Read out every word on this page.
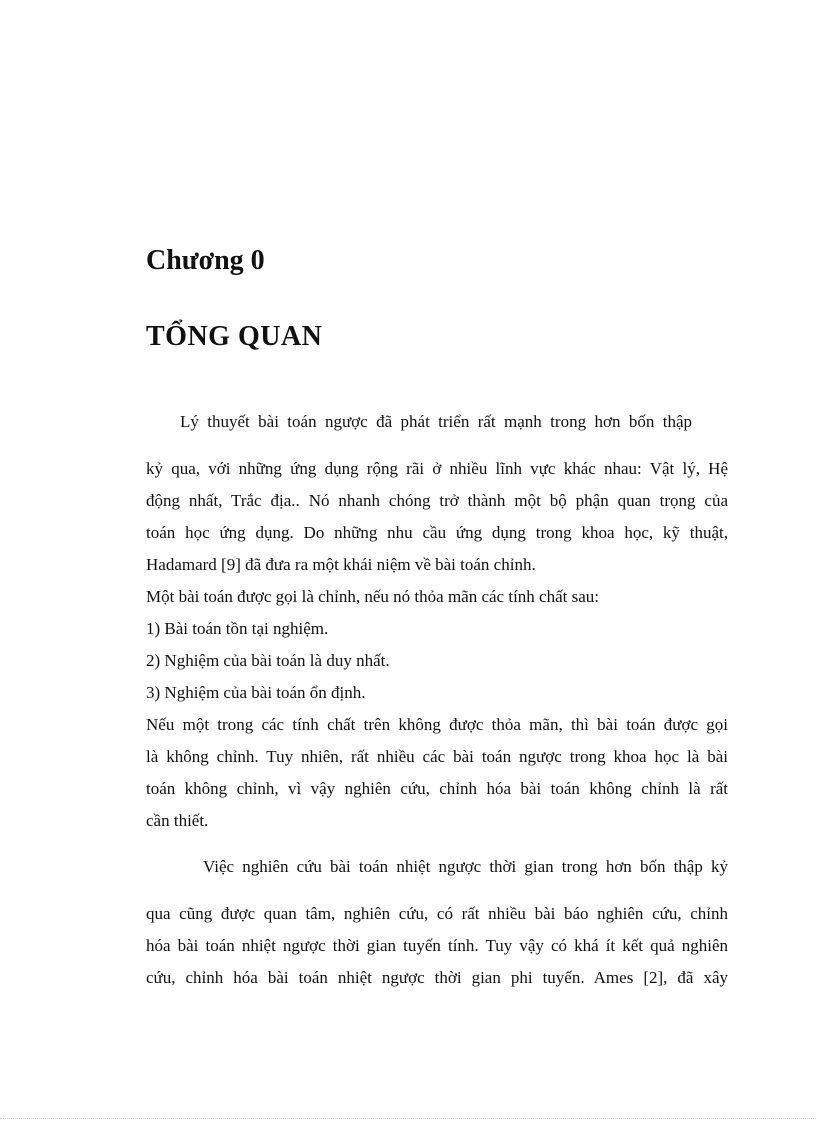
Chương 0
TỔNG QUAN

Lý thuyết bài toán ngược đã phát triển rất mạnh trong hơn bốn thập

kỷ qua, với những ứng dụng rộng rãi ở nhiều lĩnh vực khác nhau: Vật lý, Hệ

động nhất, Trắc địa.. Nó nhanh chóng trở thành một bộ phận quan trọng của

toán học ứng dụng. Do những nhu cầu ứng dụng trong khoa học, kỹ thuật,

Hadamard [9] đã đưa ra một khái niệm về bài toán chỉnh.

Một bài toán được gọi là chỉnh, nếu nó thỏa mãn các tính chất sau:

1) Bài toán tồn tại nghiệm.

2) Nghiệm của bài toán là duy nhất.

3) Nghiệm của bài toán ổn định.

Nếu một trong các tính chất trên không được thỏa mãn, thì bài toán được gọi

là không chỉnh. Tuy nhiên, rất nhiều các bài toán ngược trong khoa học là bài

toán không chỉnh, vì vậy nghiên cứu, chỉnh hóa bài toán không chỉnh là rất

cần thiết.

Việc nghiên cứu bài toán nhiệt ngược thời gian trong hơn bốn thập kỷ

qua cũng được quan tâm, nghiên cứu, có rất nhiều bài báo nghiên cứu, chỉnh

hóa bài toán nhiệt ngược thời gian tuyến tính. Tuy vậy có khá ít kết quả nghiên

cứu, chỉnh hóa bài toán nhiệt ngược thời gian phi tuyến. Ames [2], đã xây
